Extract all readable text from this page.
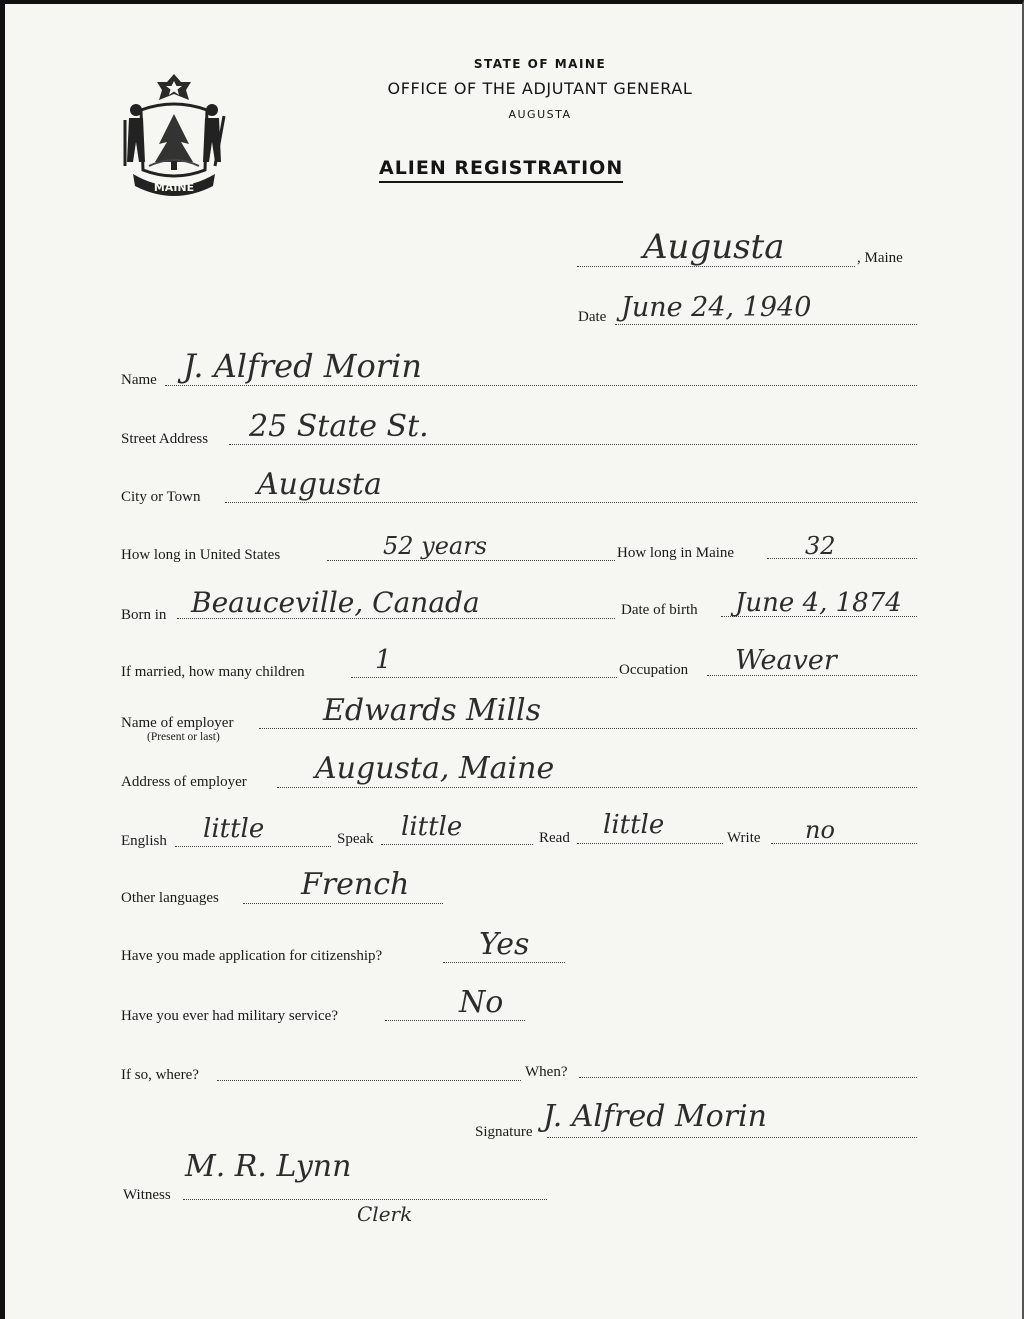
MAINE
STATE OF MAINE
OFFICE OF THE ADJUTANT GENERAL
AUGUSTA
ALIEN REGISTRATION
Augusta	, Maine
Date June 24, 1940
Name J. Alfred Morin
Street Address 25 State St.
City or Town Augusta
How long in United States	52 years	How long in Maine	32
Born in Beauceville, Canada	Date of birth June 4, 1874
If married, how many children	1	Occupation Weaver
Name of employer
(Present or last)
Edwards Mills
Address of employer Augusta, Maine
English little	Speak little	Read little	Write no
Other languages	French
Have you made application for citizenship?	Yes
Have you ever had military service?	No
If so, where?	When?
Signature J. Alfred Morin
Witness
M. R. Lynn
Clerk
